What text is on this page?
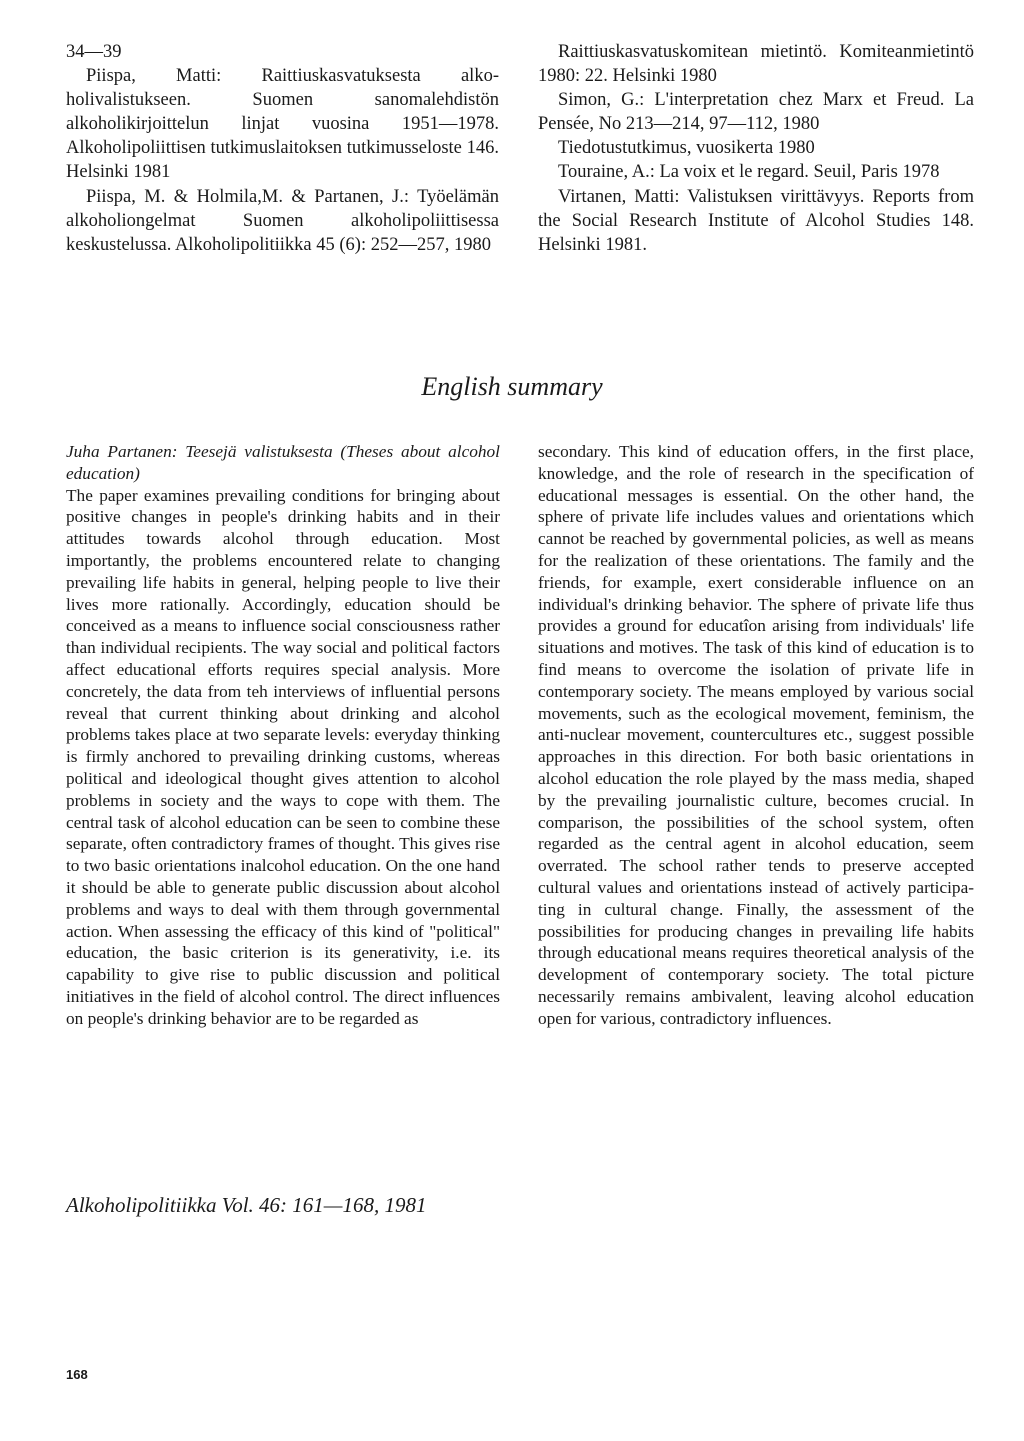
34—39

Piispa, Matti: Raittiuskasvatuksesta alkoholivalistukseen. Suomen sanomalehdistön alkoholikirjoittelun linjat vuosina 1951—1978. Alkoholipoliittisen tutkimuslaitoksen tutkimusseloste 146. Helsinki 1981

Piispa, M. & Holmila,M. & Partanen, J.: Työelämän alkoholiongelmat Suomen alkoholipoliittisessa keskustelussa. Alkoholipolitiikka 45 (6): 252—257, 1980

Raittiuskasvatuskomitean mietintö. Komiteanmietintö 1980: 22. Helsinki 1980

Simon, G.: L'interpretation chez Marx et Freud. La Pensée, No 213—214, 97—112, 1980

Tiedotustutkimus, vuosikerta 1980

Touraine, A.: La voix et le regard. Seuil, Paris 1978

Virtanen, Matti: Valistuksen virittävyys. Reports from the Social Research Institute of Alcohol Studies 148. Helsinki 1981.

English summary

Juha Partanen: Teesejä valistuksesta (Theses about alcohol education)

The paper examines prevailing conditions for bringing about positive changes in people's drinking habits and in their attitudes towards alcohol through education. Most importantly, the problems encountered relate to changing prevailing life habits in general, helping people to live their lives more rationally. Accordingly, education should be conceived as a means to influence social consciousness rather than individual recipients. The way social and political factors affect educational efforts requires special analysis. More concretely, the data from teh interviews of influential persons reveal that current thinking about drinking and alcohol problems takes place at two separate levels: everyday thinking is firmly anchored to prevailing drinking customs, whereas political and ideological thought gives attention to alcohol problems in society and the ways to cope with them. The central task of alcohol education can be seen to combine these separate, often contradictory frames of thought. This gives rise to two basic orientations inalcohol education. On the one hand it should be able to generate public discussion about alcohol problems and ways to deal with them through governmental action. When assessing the efficacy of this kind of "political" education, the basic criterion is its generativity, i.e. its capability to give rise to public discussion and political initiatives in the field of alcohol control. The direct influences on people's drinking behavior are to be regarded as

secondary. This kind of education offers, in the first place, knowledge, and the role of research in the specification of educational messages is essential. On the other hand, the sphere of private life includes values and orientations which cannot be reached by governmental policies, as well as means for the realization of these orientations. The family and the friends, for example, exert considerable influence on an individual's drinking behavior. The sphere of private life thus provides a ground for educatîon arising from individuals' life situations and motives. The task of this kind of education is to find means to overcome the isolation of private life in contemporary society. The means employed by various social movements, such as the ecological movement, feminism, the anti-nuclear movement, countercultures etc., suggest possible approaches in this direction. For both basic orientations in alcohol education the role played by the mass media, shaped by the prevailing journalistic culture, becomes crucial. In comparison, the possibilities of the school system, often regarded as the central agent in alcohol education, seem overrated. The school rather tends to preserve accepted cultural values and orientations instead of actively participating in cultural change. Finally, the assessment of the possibilities for producing changes in prevailing life habits through educational means requires theoretical analysis of the development of contemporary society. The total picture necessarily remains ambivalent, leaving alcohol education open for various, contradictory influences.

Alkoholipolitiikka Vol. 46: 161—168, 1981

168
